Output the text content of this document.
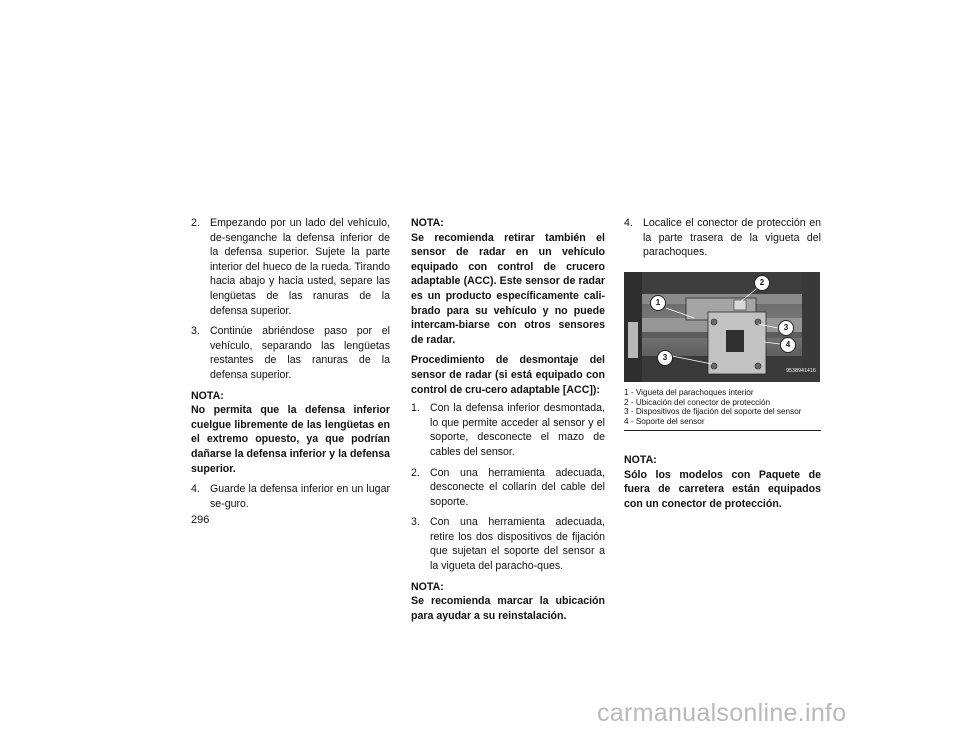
2. Empezando por un lado del vehículo, de-senganche la defensa inferior de la defensa superior. Sujete la parte interior del hueco de la rueda. Tirando hacia abajo y hacia usted, separe las lengüetas de las ranuras de la defensa superior.
3. Continúe abriéndose paso por el vehículo, separando las lengüetas restantes de las ranuras de la defensa superior.
NOTA:
No permita que la defensa inferior cuelgue libremente de las lengüetas en el extremo opuesto, ya que podrían dañarse la defensa inferior y la defensa superior.
4. Guarde la defensa inferior en un lugar se-guro.
NOTA:
Se recomienda retirar también el sensor de radar en un vehículo equipado con control de crucero adaptable (ACC). Este sensor de radar es un producto específicamente cali-brado para su vehículo y no puede intercam-biarse con otros sensores de radar.
Procedimiento de desmontaje del sensor de radar (si está equipado con control de cru-cero adaptable [ACC]):
1. Con la defensa inferior desmontada, lo que permite acceder al sensor y el soporte, desconecte el mazo de cables del sensor.
2. Con una herramienta adecuada, desconecte el collarín del cable del soporte.
3. Con una herramienta adecuada, retire los dos dispositivos de fijación que sujetan el soporte del sensor a la vigueta del paracho-ques.
NOTA:
Se recomienda marcar la ubicación para ayudar a su reinstalación.
4. Localice el conector de protección en la parte trasera de la vigueta del parachoques.
1
2
3
4
3
9538941416
1 - Vigueta del parachoques interior
2 - Ubicación del conector de protección
3 - Dispositivos de fijación del soporte del sensor
4 - Soporte del sensor
NOTA:
Sólo los modelos con Paquete de fuera de carretera están equipados con un conector de protección.
296
carmanualsonline.info
